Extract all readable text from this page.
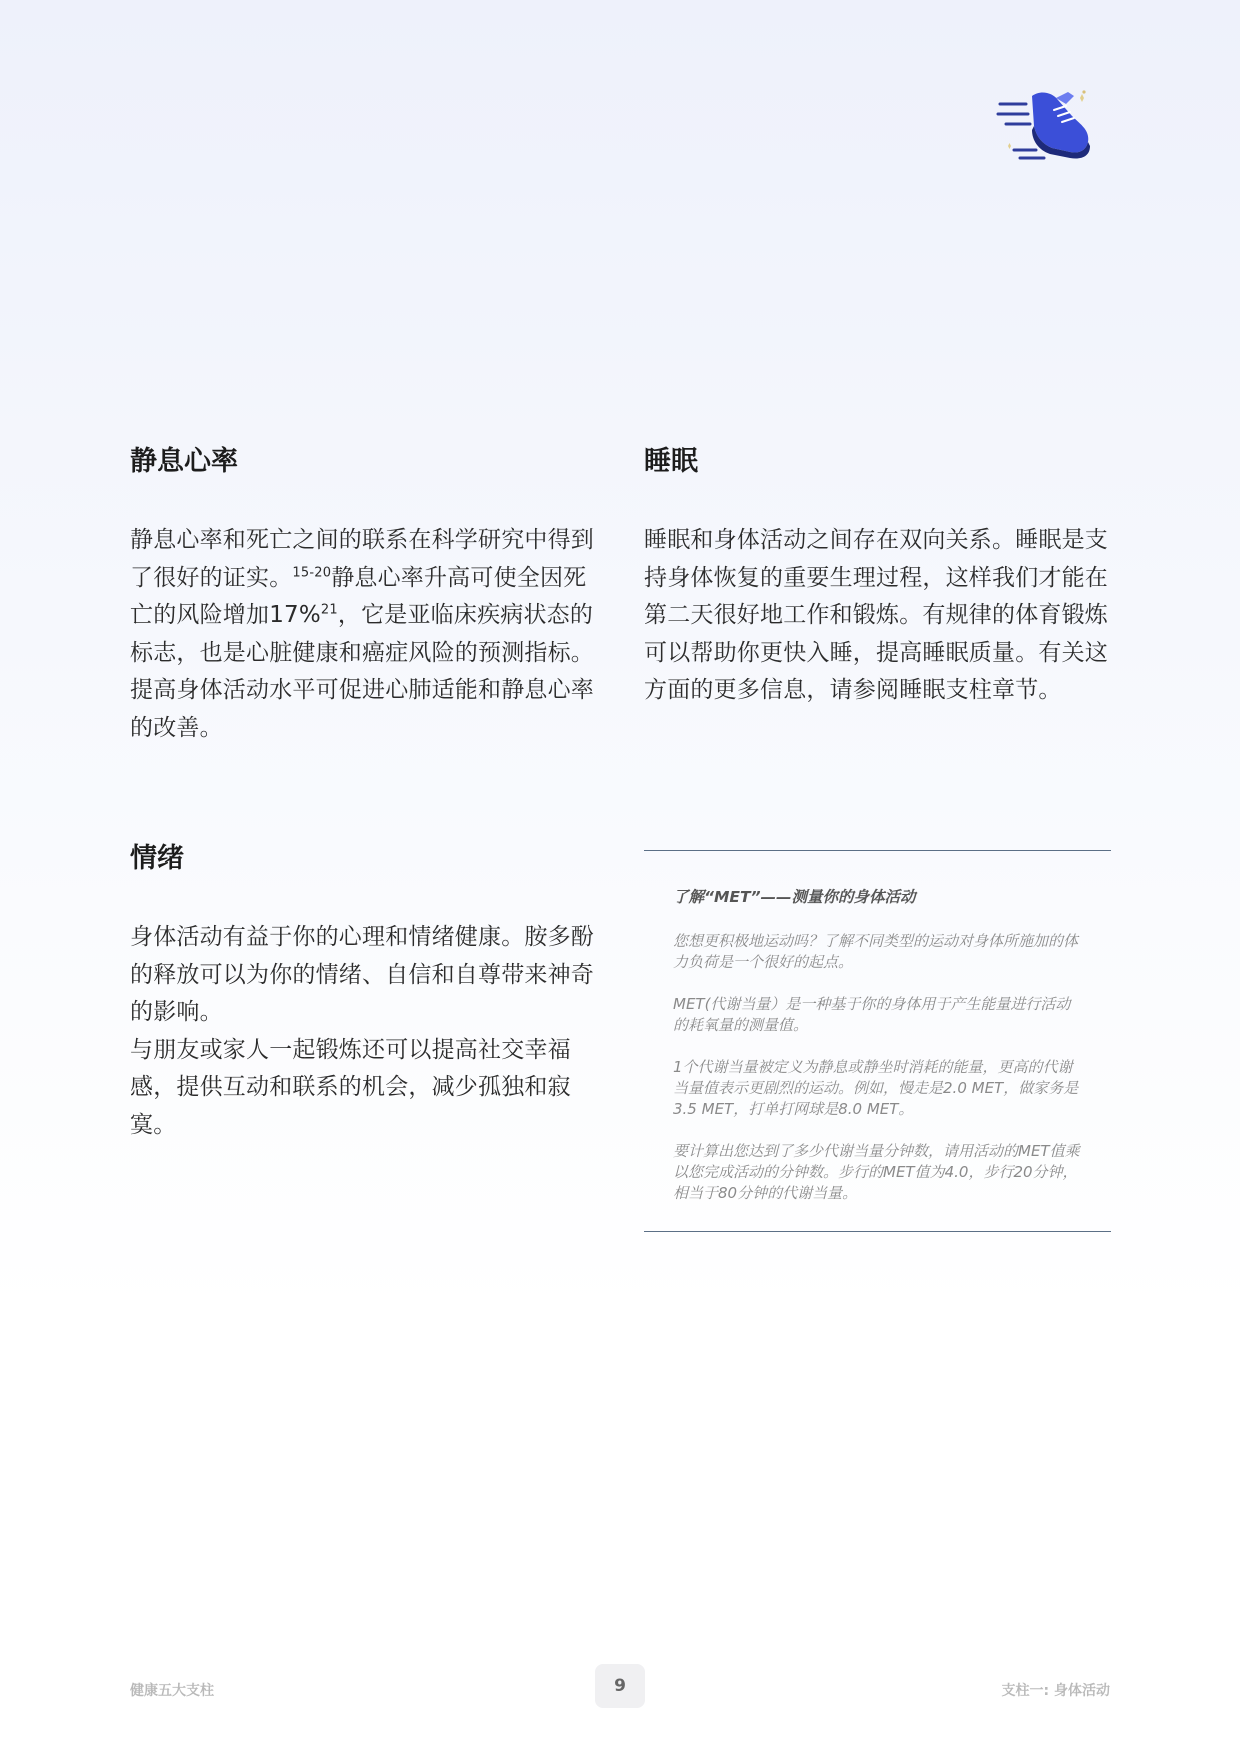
静息心率

静息心率和死亡之间的联系在科学研究中得到了很好的证实。$^{15-20}$静息心率升高可使全因死亡的风险增加17%$^{21}$，它是亚临床疾病状态的标志，也是心脏健康和癌症风险的预测指标。提高身体活动水平可促进心肺适能和静息心率的改善。

睡眠

睡眠和身体活动之间存在双向关系。睡眠是支持身体恢复的重要生理过程，这样我们才能在第二天很好地工作和锻炼。有规律的体育锻炼可以帮助你更快入睡，提高睡眠质量。有关这方面的更多信息，请参阅睡眠支柱章节。

情绪

身体活动有益于你的心理和情绪健康。胺多酚的释放可以为你的情绪、自信和自尊带来神奇的影响。

与朋友或家人一起锻炼还可以提高社交幸福感，提供互动和联系的机会，减少孤独和寂寞。

了解“MET”——测量你的身体活动

您想更积极地运动吗？了解不同类型的运动对身体所施加的体力负荷是一个很好的起点。

MET(代谢当量）是一种基于你的身体用于产生能量进行活动的耗氧量的测量值。

1个代谢当量被定义为静息或静坐时消耗的能量，更高的代谢当量值表示更剧烈的运动。例如，慢走是2.0 MET，做家务是3.5 MET，打单打网球是8.0 MET。

要计算出您达到了多少代谢当量分钟数，请用活动的MET值乘以您完成活动的分钟数。步行的MET值为4.0，步行20分钟，相当于80分钟的代谢当量。

健康五大支柱	9	支柱一: 身体活动
